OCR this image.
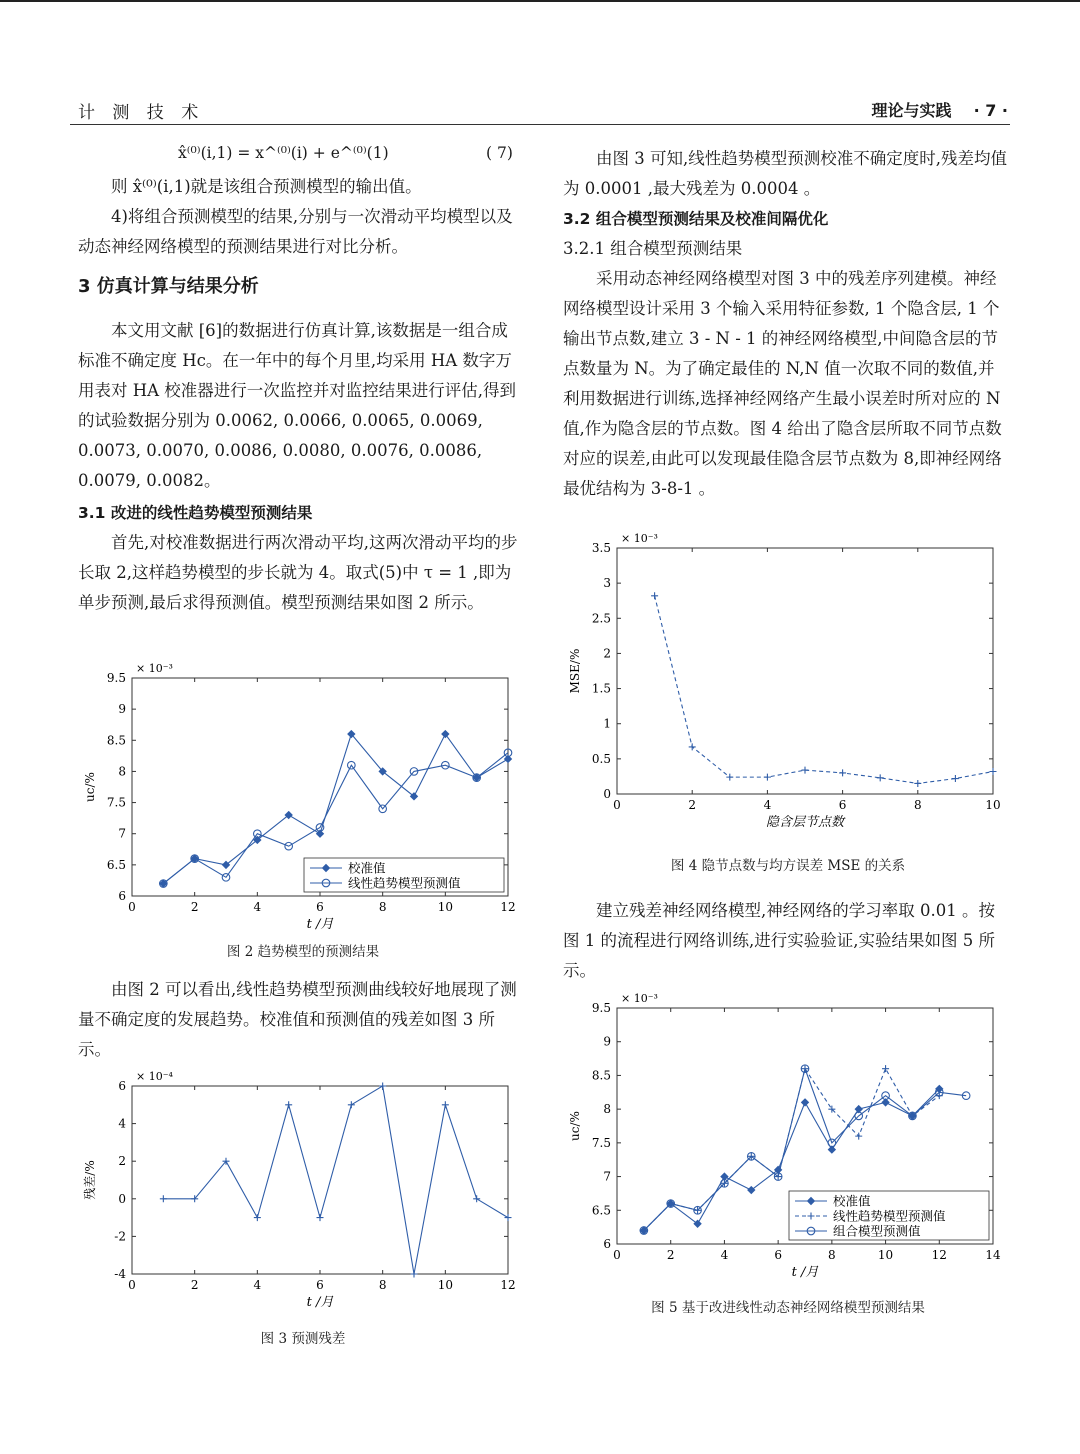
计 测 技 术	理论与实践 · 7 ·
x̂⁽⁰⁾(i,1) = x^⁽⁰⁾(i) + e^⁽⁰⁾(1)	( 7)

则 x̂⁽⁰⁾(i,1)就是该组合预测模型的输出值。

4)将组合预测模型的结果,分别与一次滑动平均模型以及动态神经网络模型的预测结果进行对比分析。

3 仿真计算与结果分析

本文用文献 [6]的数据进行仿真计算,该数据是一组合成标准不确定度 Hc。在一年中的每个月里,均采用 HA 数字万用表对 HA 校准器进行一次监控并对监控结果进行评估,得到的试验数据分别为 0.0062, 0.0066, 0.0065, 0.0069, 0.0073, 0.0070, 0.0086, 0.0080, 0.0076, 0.0086, 0.0079, 0.0082。

3.1 改进的线性趋势模型预测结果

首先,对校准数据进行两次滑动平均,这两次滑动平均的步长取 2,这样趋势模型的步长就为 4。取式(5)中 τ = 1 ,即为单步预测,最后求得预测值。模型预测结果如图 2 所示。

0	2	4	6	8	10	12
6
6.5
7
7.5
8
8.5
9
9.5
× 10⁻³
t /月
uc/%
校准值
线性趋势模型预测值
图 2 趋势模型的预测结果

由图 2 可以看出,线性趋势模型预测曲线较好地展现了测量不确定度的发展趋势。校准值和预测值的残差如图 3 所示。

0	2	4	6	8	10	12
-4
-2
0
2
4
6
× 10⁻⁴
t /月
残差/%
图 3 预测残差

由图 3 可知,线性趋势模型预测校准不确定度时,残差均值为 0.0001 ,最大残差为 0.0004 。

3.2 组合模型预测结果及校准间隔优化

3.2.1 组合模型预测结果

采用动态神经网络模型对图 3 中的残差序列建模。神经网络模型设计采用 3 个输入采用特征参数, 1 个隐含层, 1 个输出节点数,建立 3 - N - 1 的神经网络模型,中间隐含层的节点数量为 N。为了确定最佳的 N,N 值一次取不同的数值,并利用数据进行训练,选择神经网络产生最小误差时所对应的 N 值,作为隐含层的节点数。图 4 给出了隐含层所取不同节点数对应的误差,由此可以发现最佳隐含层节点数为 8,即神经网络最优结构为 3-8-1 。

0	2	4	6	8	10
0
0.5
1
1.5
2
2.5
3
3.5
× 10⁻³
隐含层节点数
MSE/%
图 4 隐节点数与均方误差 MSE 的关系

建立残差神经网络模型,神经网络的学习率取 0.01 。按图 1 的流程进行网络训练,进行实验验证,实验结果如图 5 所示。

0	2	4	6	8	10	12	14
6
6.5
7
7.5
8
8.5
9
9.5
× 10⁻³
t /月
uc/%
校准值
线性趋势模型预测值
组合模型预测值
图 5 基于改进线性动态神经网络模型预测结果
